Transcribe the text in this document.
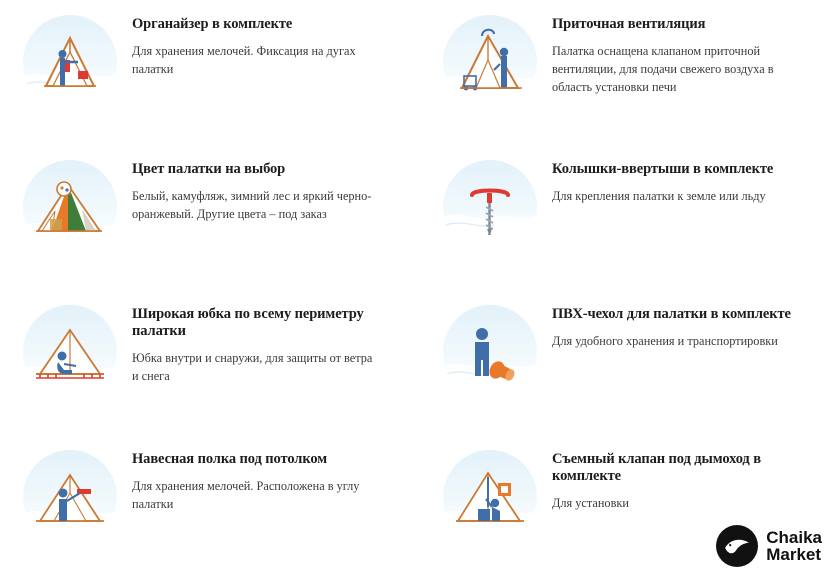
Органайзер в комплекте

Для хранения мелочей. Фиксация на дугах палатки

Приточная вентиляция

Палатка оснащена клапаном приточной вентиляции, для подачи свежего воздуха в область установки печи

Цвет палатки на выбор

Белый, камуфляж, зимний лес и яркий черно-оранжевый. Другие цвета – под заказ

Колышки-ввертыши в комплекте

Для крепления палатки к земле или льду

Широкая юбка по всему периметру палатки

Юбка внутри и снаружи, для защиты от ветра и снега

ПВХ-чехол для палатки в комплекте

Для удобного хранения и транспортировки

Навесная полка под потолком

Для хранения мелочей. Расположена в углу палатки

Съемный клапан под дымоход в комплекте

Для установки

Chaika
Market
